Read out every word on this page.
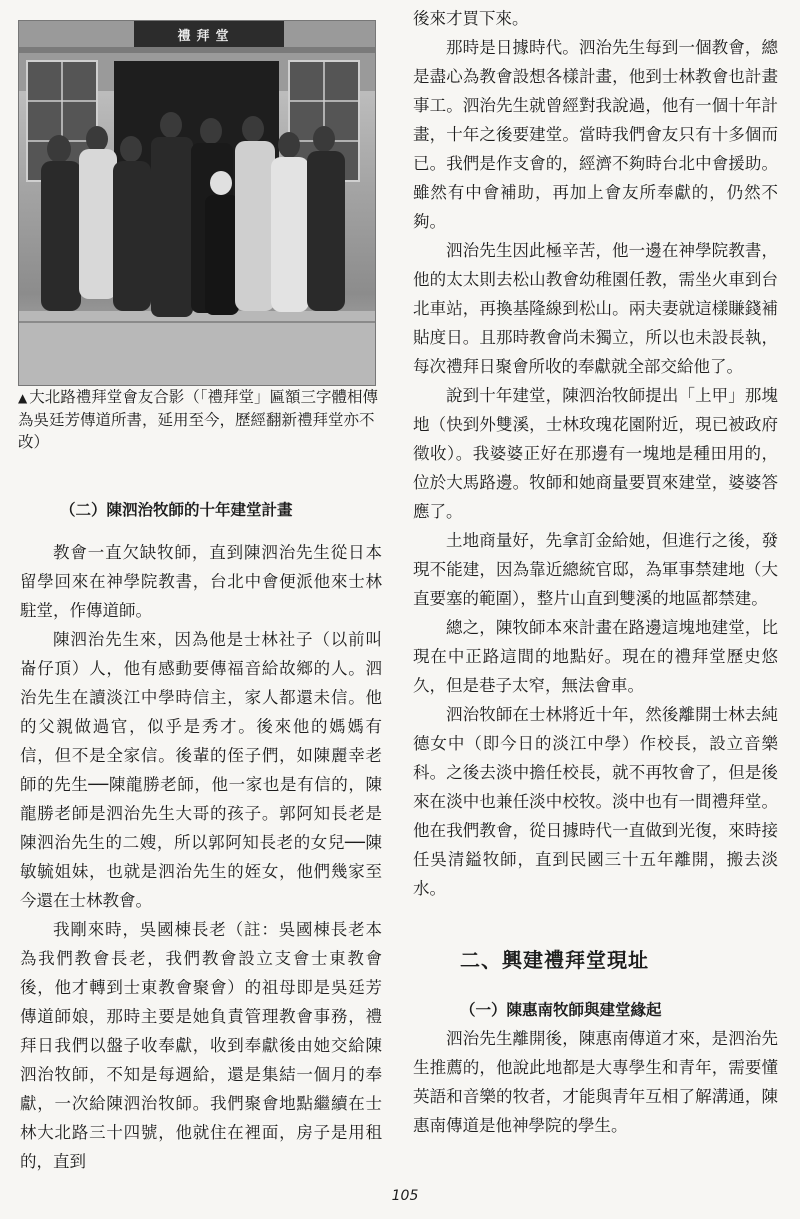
禮拜堂
▲ 大北路禮拜堂會友合影（「禮拜堂」匾額三字體相傳為吳廷芳傳道所書，延用至今，歷經翻新禮拜堂亦不改）
（二）陳泗治牧師的十年建堂計畫

教會一直欠缺牧師，直到陳泗治先生從日本留學回來在神學院教書，台北中會便派他來士林駐堂，作傳道師。

陳泗治先生來，因為他是士林社子（以前叫崙仔頂）人，他有感動要傳福音給故鄉的人。泗治先生在讀淡江中學時信主，家人都還未信。他的父親做過官，似乎是秀才。後來他的媽媽有信，但不是全家信。後輩的侄子們，如陳麗幸老師的先生──陳龍勝老師，他一家也是有信的，陳龍勝老師是泗治先生大哥的孩子。郭阿知長老是陳泗治先生的二嫂，所以郭阿知長老的女兒──陳敏毓姐妹，也就是泗治先生的姪女，他們幾家至今還在士林教會。

我剛來時，吳國棟長老（註：吳國棟長老本為我們教會長老，我們教會設立支會士東教會後，他才轉到士東教會聚會）的祖母即是吳廷芳傳道師娘，那時主要是她負責管理教會事務，禮拜日我們以盤子收奉獻，收到奉獻後由她交給陳泗治牧師，不知是每週給，還是集結一個月的奉獻，一次給陳泗治牧師。我們聚會地點繼續在士林大北路三十四號，他就住在裡面，房子是用租的，直到

後來才買下來。

那時是日據時代。泗治先生每到一個教會，總是盡心為教會設想各樣計畫，他到士林教會也計畫事工。泗治先生就曾經對我說過，他有一個十年計畫，十年之後要建堂。當時我們會友只有十多個而已。我們是作支會的，經濟不夠時台北中會援助。雖然有中會補助，再加上會友所奉獻的，仍然不夠。

泗治先生因此極辛苦，他一邊在神學院教書，他的太太則去松山教會幼稚園任教，需坐火車到台北車站，再換基隆線到松山。兩夫妻就這樣賺錢補貼度日。且那時教會尚未獨立，所以也未設長執，每次禮拜日聚會所收的奉獻就全部交給他了。

說到十年建堂，陳泗治牧師提出「上甲」那塊地（快到外雙溪，士林玫瑰花園附近，現已被政府徵收）。我婆婆正好在那邊有一塊地是種田用的，位於大馬路邊。牧師和她商量要買來建堂，婆婆答應了。

土地商量好，先拿訂金給她，但進行之後，發現不能建，因為靠近總統官邸，為軍事禁建地（大直要塞的範圍），整片山直到雙溪的地區都禁建。

總之，陳牧師本來計畫在路邊這塊地建堂，比現在中正路這間的地點好。現在的禮拜堂歷史悠久，但是巷子太窄，無法會車。

泗治牧師在士林將近十年，然後離開士林去純德女中（即今日的淡江中學）作校長，設立音樂科。之後去淡中擔任校長，就不再牧會了，但是後來在淡中也兼任淡中校牧。淡中也有一間禮拜堂。他在我們教會，從日據時代一直做到光復，來時接任吳清鎰牧師，直到民國三十五年離開，搬去淡水。

二、興建禮拜堂現址
（一）陳惠南牧師與建堂緣起

泗治先生離開後，陳惠南傳道才來，是泗治先生推薦的，他說此地都是大專學生和青年，需要懂英語和音樂的牧者，才能與青年互相了解溝通，陳惠南傳道是他神學院的學生。

105
